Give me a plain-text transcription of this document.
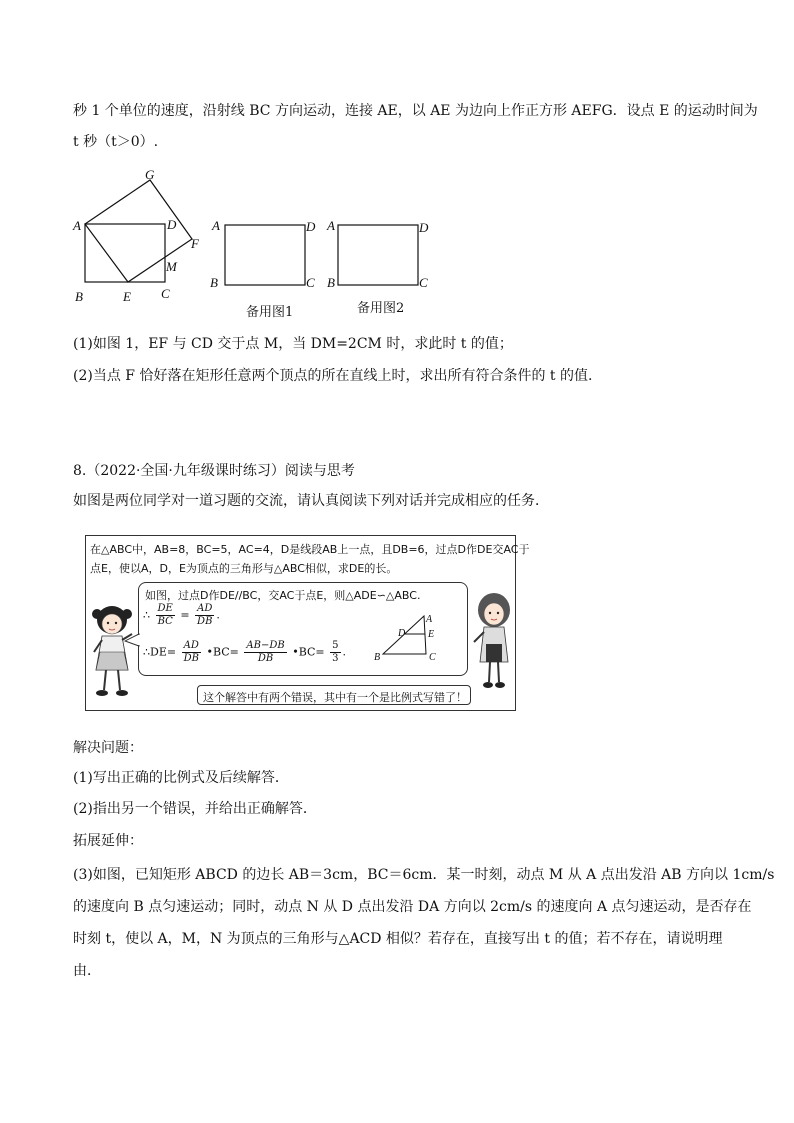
秒 1 个单位的速度，沿射线 BC 方向运动，连接 AE，以 AE 为边向上作正方形 AEFG．设点 E 的运动时间为
t 秒（t＞0）.
G
A	D
F
M
B	E C
A	D
B	C
备用图1
A	D
B	C
备用图2
(1)如图 1，EF 与 CD 交于点 M，当 DM=2CM 时，求此时 t 的值；
(2)当点 F 恰好落在矩形任意两个顶点的所在直线上时，求出所有符合条件的 t 的值.
8.（2022·全国·九年级课时练习）阅读与思考
如图是两位同学对一道习题的交流，请认真阅读下列对话并完成相应的任务．
在△ABC中，AB=8，BC=5，AC=4，D是线段AB上一点，且DB=6，过点D作DE交AC于
点E，使以A，D，E为顶点的三角形与△ABC相似，求DE的长。
如图，过点D作DE//BC，交AC于点E，则△ADE∽△ABC.
∴ $\frac{DE}{BC} = \frac{AD}{DB}$ .
∴DE= $\frac{AD}{DB}$ •BC= $\frac{AB-DB}{DB}$ •BC= $\frac{5}{3}$ .
A
D E
B	C
这个解答中有两个错误，其中有一个是比例式写错了！
解决问题：
(1)写出正确的比例式及后续解答．
(2)指出另一个错误，并给出正确解答．
拓展延伸：
(3)如图，已知矩形 ABCD 的边长 AB＝3cm，BC＝6cm．某一时刻，动点 M 从 A 点出发沿 AB 方向以 1cm/s
的速度向 B 点匀速运动；同时，动点 N 从 D 点出发沿 DA 方向以 2cm/s 的速度向 A 点匀速运动，是否存在
时刻 t，使以 A，M，N 为顶点的三角形与△ACD 相似？若存在，直接写出 t 的值；若不存在，请说明理
由．
